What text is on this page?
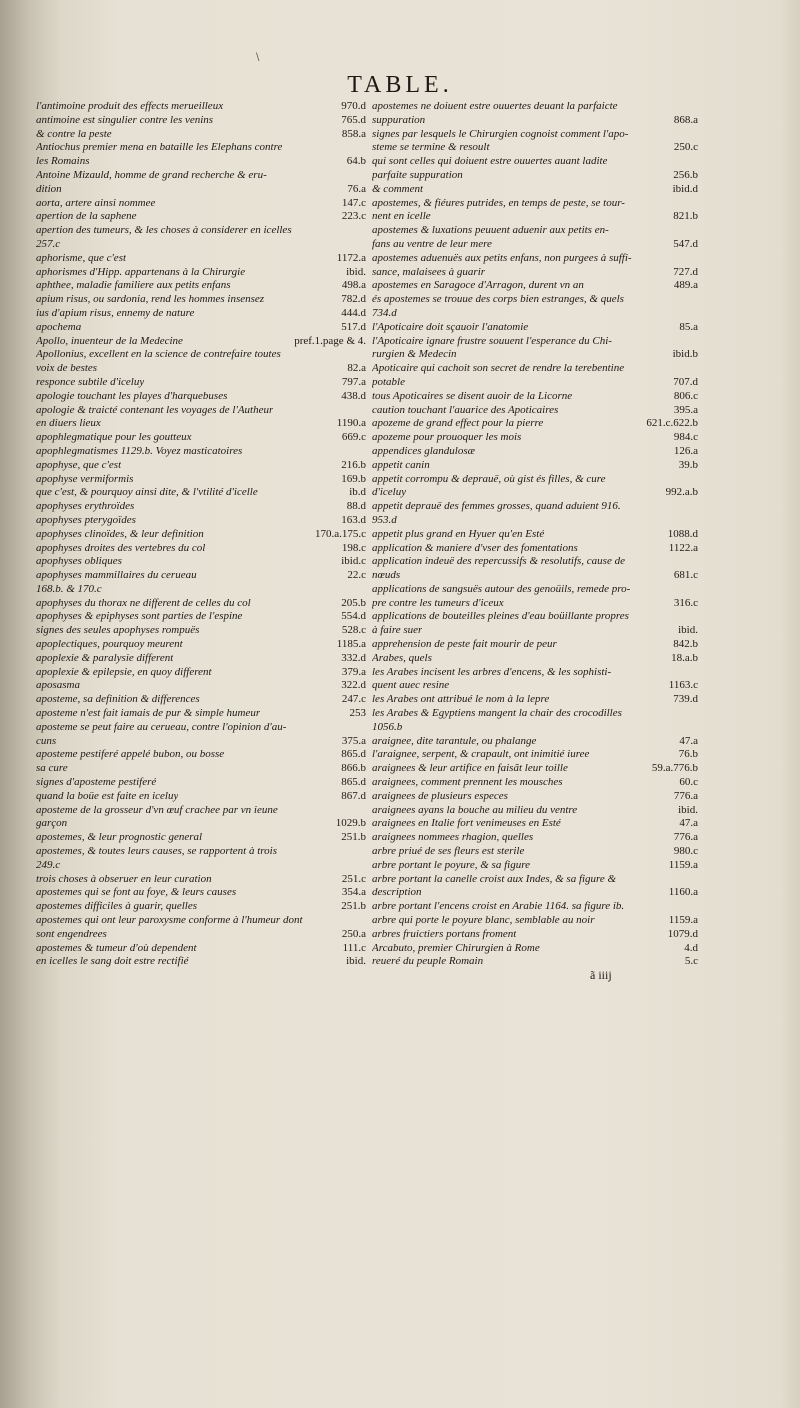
\
TABLE.
l'antimoine produit des effects merueilleux	970.d
antimoine est singulier contre les venins	765.d
& contre la peste	858.a
Antiochus premier mena en bataille les Elephans contre
les Romains	64.b
Antoine Mizauld, homme de grand recherche & eru-
dition	76.a
aorta, artere ainsi nommee	147.c
apertion de la saphene	223.c
apertion des tumeurs, & les choses à considerer en icelles
257.c
aphorisme, que c'est	1172.a
aphorismes d'Hipp. appartenans à la Chirurgie	ibid.
aphthee, maladie familiere aux petits enfans	498.a
apium risus, ou sardonia, rend les hommes insensez	782.d
ius d'apium risus, ennemy de nature	444.d
apochema	517.d
Apollo, inuenteur de la Medecine	pref.1.page & 4.
Apollonius, excellent en la science de contrefaire toutes
voix de bestes	82.a
responce subtile d'iceluy	797.a
apologie touchant les playes d'harquebuses	438.d
apologie & traicté contenant les voyages de l'Autheur
en diuers lieux	1190.a
apophlegmatique pour les goutteux	669.c
apophlegmatismes 1129.b. Voyez masticatoires
apophyse, que c'est	216.b
apophyse vermiformis	169.b
que c'est, & pourquoy ainsi dite, & l'vtilité d'icelle	ib.d
apophyses erythroïdes	88.d
apophyses pterygoïdes	163.d
apophyses clinoïdes, & leur definition	170.a.175.c
apophyses droites des vertebres du col	198.c
apophyses obliques	ibid.c
apophyses mammillaires du cerueau	22.c
168.b. & 170.c
apophyses du thorax ne different de celles du col	205.b
apophyses & epiphyses sont parties de l'espine	554.d
signes des seules apophyses rompuës	528.c
apoplectiques, pourquoy meurent	1185.a
apoplexie & paralysie different	332.d
apoplexie & epilepsie, en quoy different	379.a
aposasma	322.d
aposteme, sa definition & differences	247.c
aposteme n'est fait iamais de pur & simple humeur	253
aposteme se peut faire au cerueau, contre l'opinion d'au-
cuns	375.a
aposteme pestiferé appelé bubon, ou bosse	865.d
sa cure	866.b
signes d'aposteme pestiferé	865.d
quand la boüe est faite en iceluy	867.d
aposteme de la grosseur d'vn œuf crachee par vn ieune
garçon	1029.b
apostemes, & leur prognostic general	251.b
apostemes, & toutes leurs causes, se rapportent à trois
249.c
trois choses à obseruer en leur curation	251.c
apostemes qui se font au foye, & leurs causes	354.a
apostemes difficiles à guarir, quelles	251.b
apostemes qui ont leur paroxysme conforme à l'humeur dont
sont engendrees	250.a
apostemes & tumeur d'où dependent	111.c
en icelles le sang doit estre rectifié	ibid.
apostemes ne doiuent estre ouuertes deuant la parfaicte
suppuration	868.a
signes par lesquels le Chirurgien cognoist comment l'apo-
steme se termine & resoult	250.c
qui sont celles qui doiuent estre ouuertes auant ladite
parfaite suppuration	256.b
& comment	ibid.d
apostemes, & fiéures putrides, en temps de peste, se tour-
nent en icelle	821.b
apostemes & luxations peuuent aduenir aux petits en-
fans au ventre de leur mere	547.d
apostemes aduenuës aux petits enfans, non purgees à suffi-
sance, malaisees à guarir	727.d
apostemes en Saragoce d'Arragon, durent vn an	489.a
és apostemes se trouue des corps bien estranges, & quels
734.d
l'Apoticaire doit sçauoir l'anatomie	85.a
l'Apoticaire ignare frustre souuent l'esperance du Chi-
rurgien & Medecin	ibid.b
Apoticaire qui cachoit son secret de rendre la terebentine
potable	707.d
tous Apoticaires se disent auoir de la Licorne	806.c
caution touchant l'auarice des Apoticaires	395.a
apozeme de grand effect pour la pierre	621.c.622.b
apozeme pour prouoquer les mois	984.c
appendices glandulosæ	126.a
appetit canin	39.b
appetit corrompu & deprauë, où gist és filles, & cure
d'iceluy	992.a.b
appetit deprauë des femmes grosses, quand aduient 916.
953.d
appetit plus grand en Hyuer qu'en Esté	1088.d
application & maniere d'vser des fomentations	1122.a
application indeuë des repercussifs & resolutifs, cause de
nœuds	681.c
applications de sangsuës autour des genoüils, remede pro-
pre contre les tumeurs d'iceux	316.c
applications de bouteilles pleines d'eau boüillante propres
à faire suer	ibid.
apprehension de peste fait mourir de peur	842.b
Arabes, quels	18.a.b
les Arabes incisent les arbres d'encens, & les sophisti-
quent auec resine	1163.c
les Arabes ont attribué le nom à la lepre	739.d
les Arabes & Egyptiens mangent la chair des crocodilles
1056.b
araignee, dite tarantule, ou phalange	47.a
l'araignee, serpent, & crapault, ont inimitié iuree	76.b
araignees & leur artifice en faisãt leur toille	59.a.776.b
araignees, comment prennent les mousches	60.c
araignees de plusieurs especes	776.a
araignees ayans la bouche au milieu du ventre	ibid.
araignees en Italie fort venimeuses en Esté	47.a
araignees nommees rhagion, quelles	776.a
arbre priué de ses fleurs est sterile	980.c
arbre portant le poyure, & sa figure	1159.a
arbre portant la canelle croist aux Indes, & sa figure &
description	1160.a
arbre portant l'encens croist en Arabie 1164. sa figure ib.
arbre qui porte le poyure blanc, semblable au noir	1159.a
arbres fruictiers portans froment	1079.d
Arcabuto, premier Chirurgien à Rome	4.d
reueré du peuple Romain	5.c
ã iiij
